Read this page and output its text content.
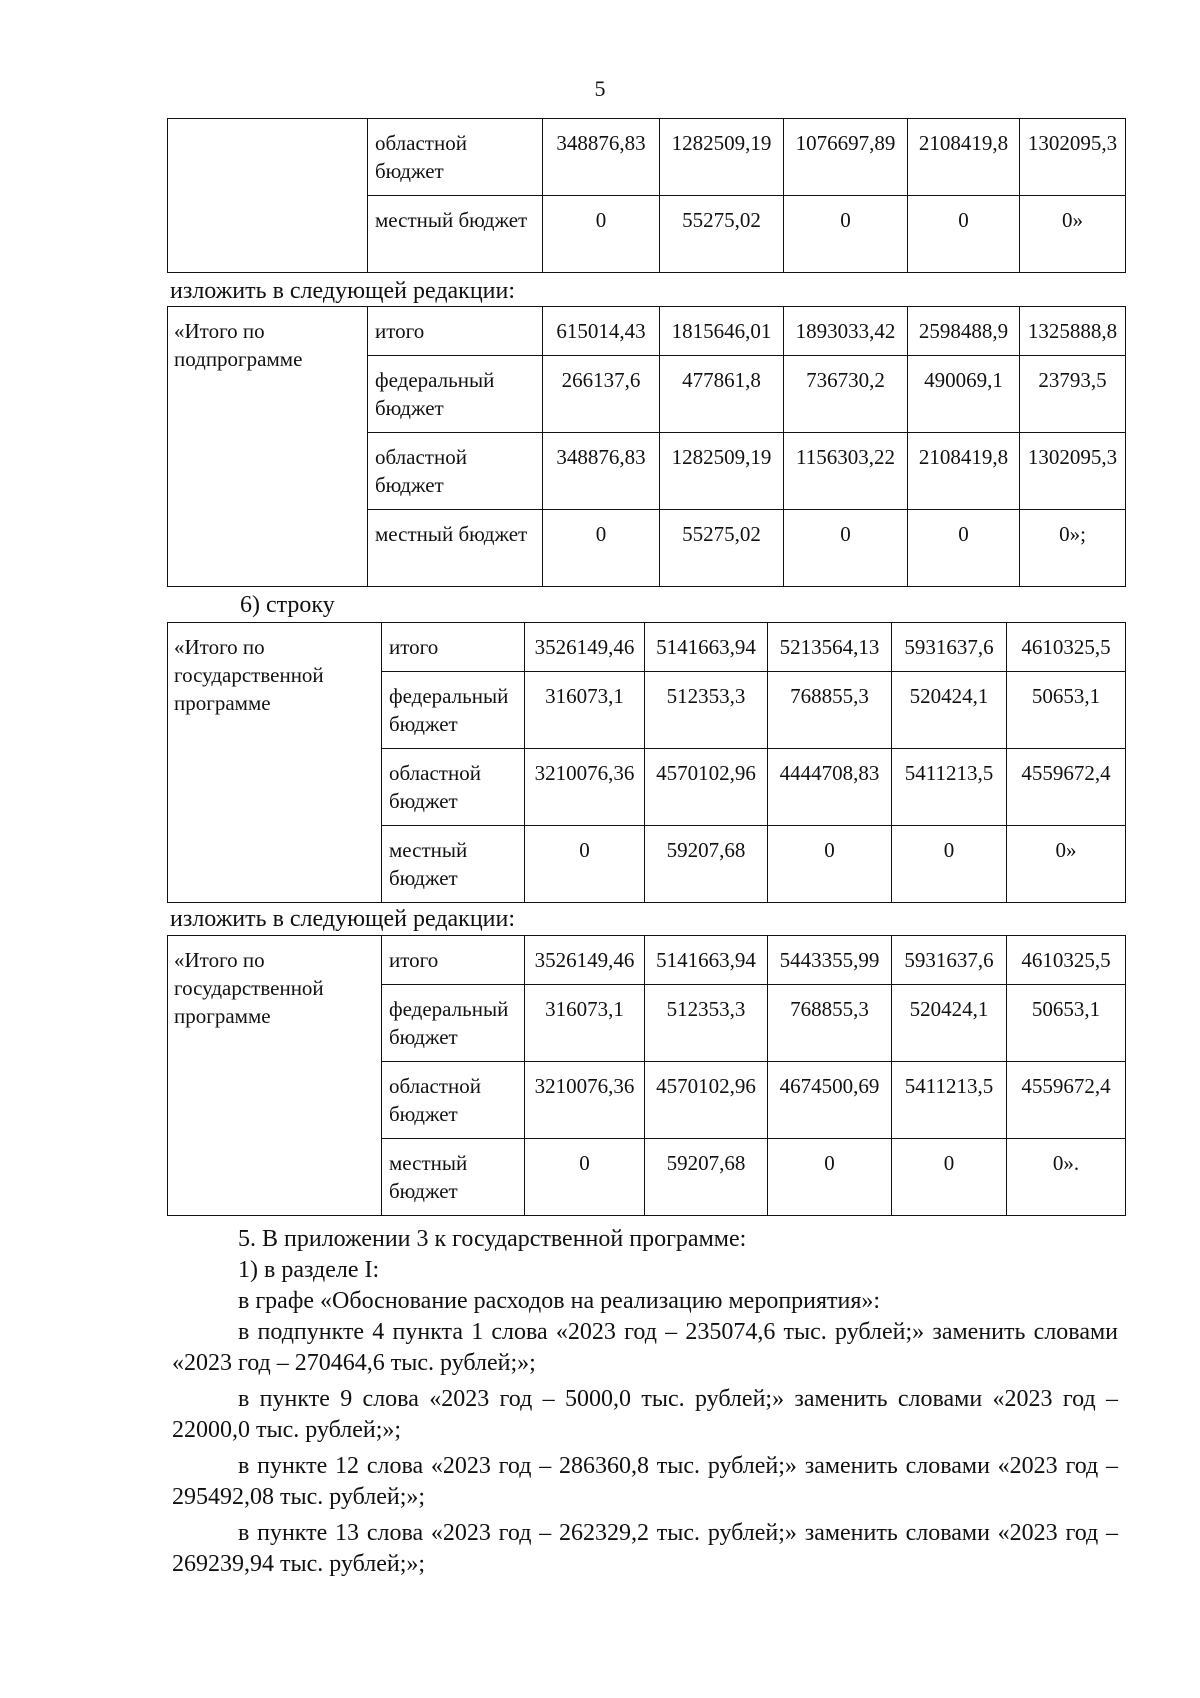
5
	областной бюджет	348876,83	1282509,19	1076697,89	2108419,8	1302095,3
	местный бюджет	0	55275,02	0	0	0»
изложить в следующей редакции:
«Итого по подпрограмме	итого	615014,43	1815646,01	1893033,42	2598488,9	1325888,8
	федеральный бюджет	266137,6	477861,8	736730,2	490069,1	23793,5
	областной бюджет	348876,83	1282509,19	1156303,22	2108419,8	1302095,3
	местный бюджет	0	55275,02	0	0	0»;
6) строку
«Итого по государственной программе	итого	3526149,46	5141663,94	5213564,13	5931637,6	4610325,5
	федеральный бюджет	316073,1	512353,3	768855,3	520424,1	50653,1
	областной бюджет	3210076,36	4570102,96	4444708,83	5411213,5	4559672,4
	местный бюджет	0	59207,68	0	0	0»
изложить в следующей редакции:
«Итого по государственной программе	итого	3526149,46	5141663,94	5443355,99	5931637,6	4610325,5
	федеральный бюджет	316073,1	512353,3	768855,3	520424,1	50653,1
	областной бюджет	3210076,36	4570102,96	4674500,69	5411213,5	4559672,4
	местный бюджет	0	59207,68	0	0	0».
5. В приложении 3 к государственной программе:
1) в разделе I:
в графе «Обоснование расходов на реализацию мероприятия»:
в подпункте 4 пункта 1 слова «2023 год – 235074,6 тыс. рублей;» заменить словами «2023 год – 270464,6 тыс. рублей;»;
в пункте 9 слова «2023 год – 5000,0 тыс. рублей;» заменить словами «2023 год – 22000,0 тыс. рублей;»;
в пункте 12 слова «2023 год – 286360,8 тыс. рублей;» заменить словами «2023 год – 295492,08 тыс. рублей;»;
в пункте 13 слова «2023 год – 262329,2 тыс. рублей;» заменить словами «2023 год – 269239,94 тыс. рублей;»;
